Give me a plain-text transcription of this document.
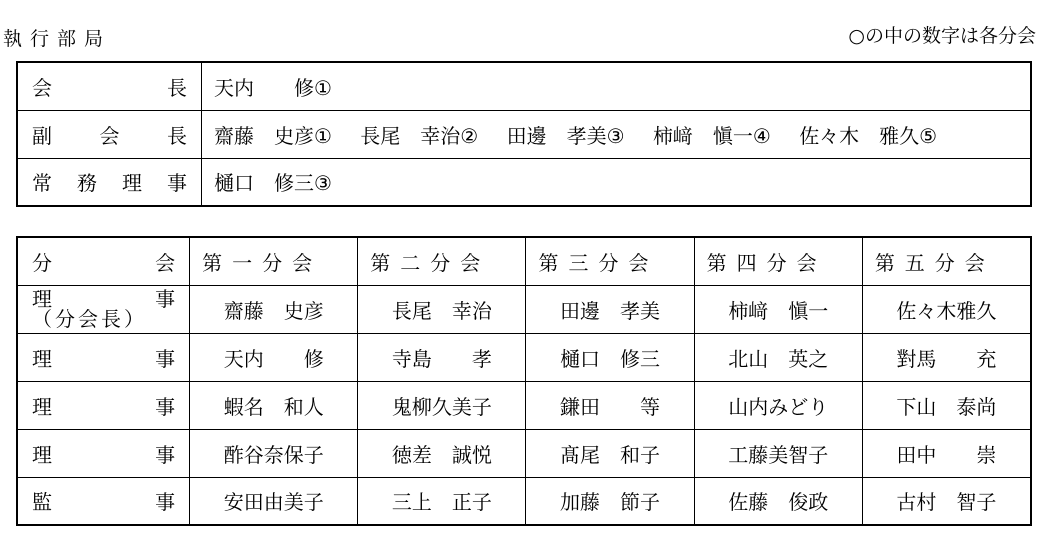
執行部局	○の中の数字は各分会
会 長	天内　　修①

副 会 長	齋藤　史彦① 長尾　幸治② 田邊　孝美③ 柿﨑　愼一④ 佐々木　雅久⑤

常 務 理 事	樋口　修三③
分 会	第一分会	第二分会	第三分会	第四分会	第五分会

理 事
（分会長）	齋藤　史彦	長尾　幸治	田邊　孝美	柿﨑　愼一	佐々木雅久

理 事	天内　　修	寺島　　孝	樋口　修三	北山　英之	對馬　　充

理 事	蝦名　和人	鬼柳久美子	鎌田　　等	山内みどり	下山　泰尚

理 事	酢谷奈保子	徳差　誠悦	髙尾　和子	工藤美智子	田中　　崇

監 事	安田由美子	三上　正子	加藤　節子	佐藤　俊政	古村　智子
